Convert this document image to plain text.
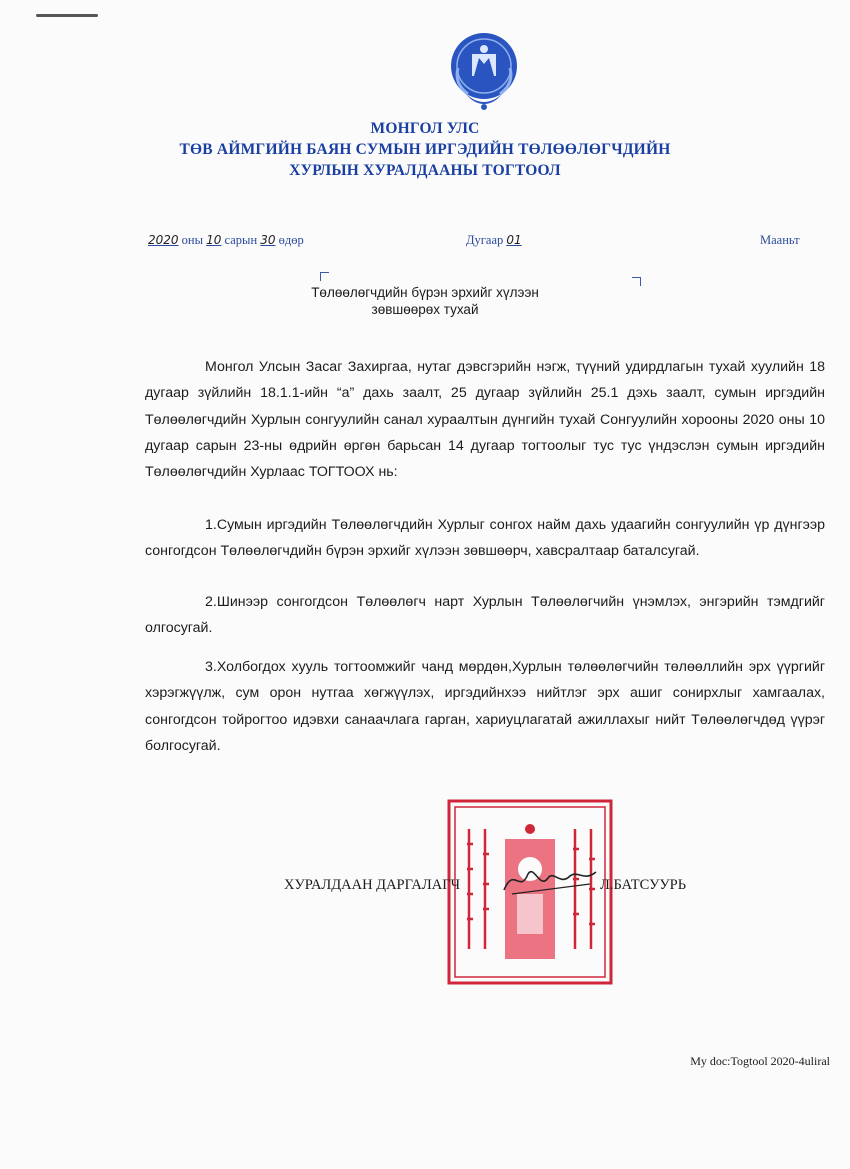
МОНГОЛ УЛС
ТӨВ АЙМГИЙН БАЯН СУМЫН ИРГЭДИЙН ТӨЛӨӨЛӨГЧДИЙН
ХУРЛЫН ХУРАЛДААНЫ ТОГТООЛ
2020 оны 10 сарын 30 өдөр	Дугаар 01	Мааньт
Төлөөлөгчдийн бүрэн эрхийг хүлээн
зөвшөөрөх тухай

Монгол Улсын Засаг Захиргаа, нутаг дэвсгэрийн нэгж, түүний удирдлагын тухай хуулийн 18 дугаар зүйлийн 18.1.1-ийн “а” дахь заалт, 25 дугаар зүйлийн 25.1 дэхь заалт, сумын иргэдийн Төлөөлөгчдийн Хурлын сонгуулийн санал хураалтын дүнгийн тухай Сонгуулийн хорооны 2020 оны 10 дугаар сарын 23-ны өдрийн өргөн барьсан 14 дугаар тогтоолыг тус тус үндэслэн сумын иргэдийн Төлөөлөгчдийн Хурлаас ТОГТООХ нь:

1.Сумын иргэдийн Төлөөлөгчдийн Хурлыг сонгох найм дахь удаагийн сонгуулийн үр дүнгээр сонгогдсон Төлөөлөгчдийн бүрэн эрхийг хүлээн зөвшөөрч, хавсралтаар баталсугай.

2.Шинээр сонгогдсон Төлөөлөгч нарт Хурлын Төлөөлөгчийн үнэмлэх, энгэрийн тэмдгийг олгосугай.

3.Холбогдох хууль тогтоомжийг чанд мөрдөн,Хурлын төлөөлөгчийн төлөөллийн эрх үүргийг хэрэгжүүлж, сум орон нутгаа хөгжүүлэх, иргэдийнхээ нийтлэг эрх ашиг сонирхлыг хамгаалах, сонгогдсон тойрогтоо идэвхи санаачлага гарган, хариуцлагатай ажиллахыг нийт Төлөөлөгчдөд үүрэг болгосугай.

ХУРАЛДААН ДАРГАЛАГЧ	Л.БАТСУУРЬ
My doc:Togtool 2020-4uliral
